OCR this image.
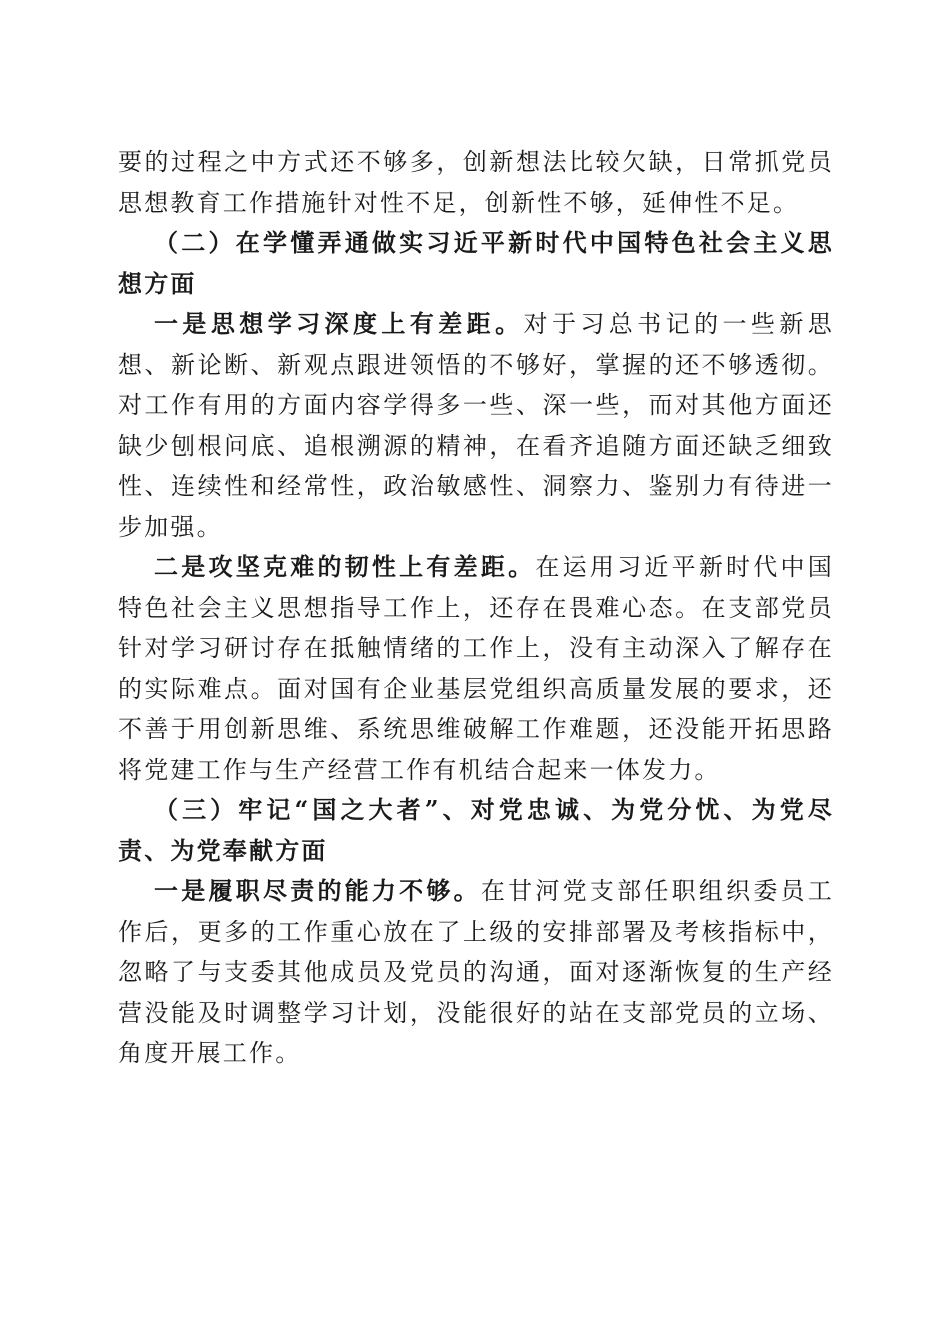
要的过程之中方式还不够多，创新想法比较欠缺，日常抓党员思想教育工作措施针对性不足，创新性不够，延伸性不足。

（二）在学懂弄通做实习近平新时代中国特色社会主义思想方面

一是思想学习深度上有差距。对于习总书记的一些新思想、新论断、新观点跟进领悟的不够好，掌握的还不够透彻。对工作有用的方面内容学得多一些、深一些，而对其他方面还缺少刨根问底、追根溯源的精神，在看齐追随方面还缺乏细致性、连续性和经常性，政治敏感性、洞察力、鉴别力有待进一步加强。

二是攻坚克难的韧性上有差距。在运用习近平新时代中国特色社会主义思想指导工作上，还存在畏难心态。在支部党员针对学习研讨存在抵触情绪的工作上，没有主动深入了解存在的实际难点。面对国有企业基层党组织高质量发展的要求，还不善于用创新思维、系统思维破解工作难题，还没能开拓思路将党建工作与生产经营工作有机结合起来一体发力。

（三）牢记“国之大者”、对党忠诚、为党分忧、为党尽责、为党奉献方面

一是履职尽责的能力不够。在甘河党支部任职组织委员工作后，更多的工作重心放在了上级的安排部署及考核指标中，忽略了与支委其他成员及党员的沟通，面对逐渐恢复的生产经营没能及时调整学习计划，没能很好的站在支部党员的立场、角度开展工作。
